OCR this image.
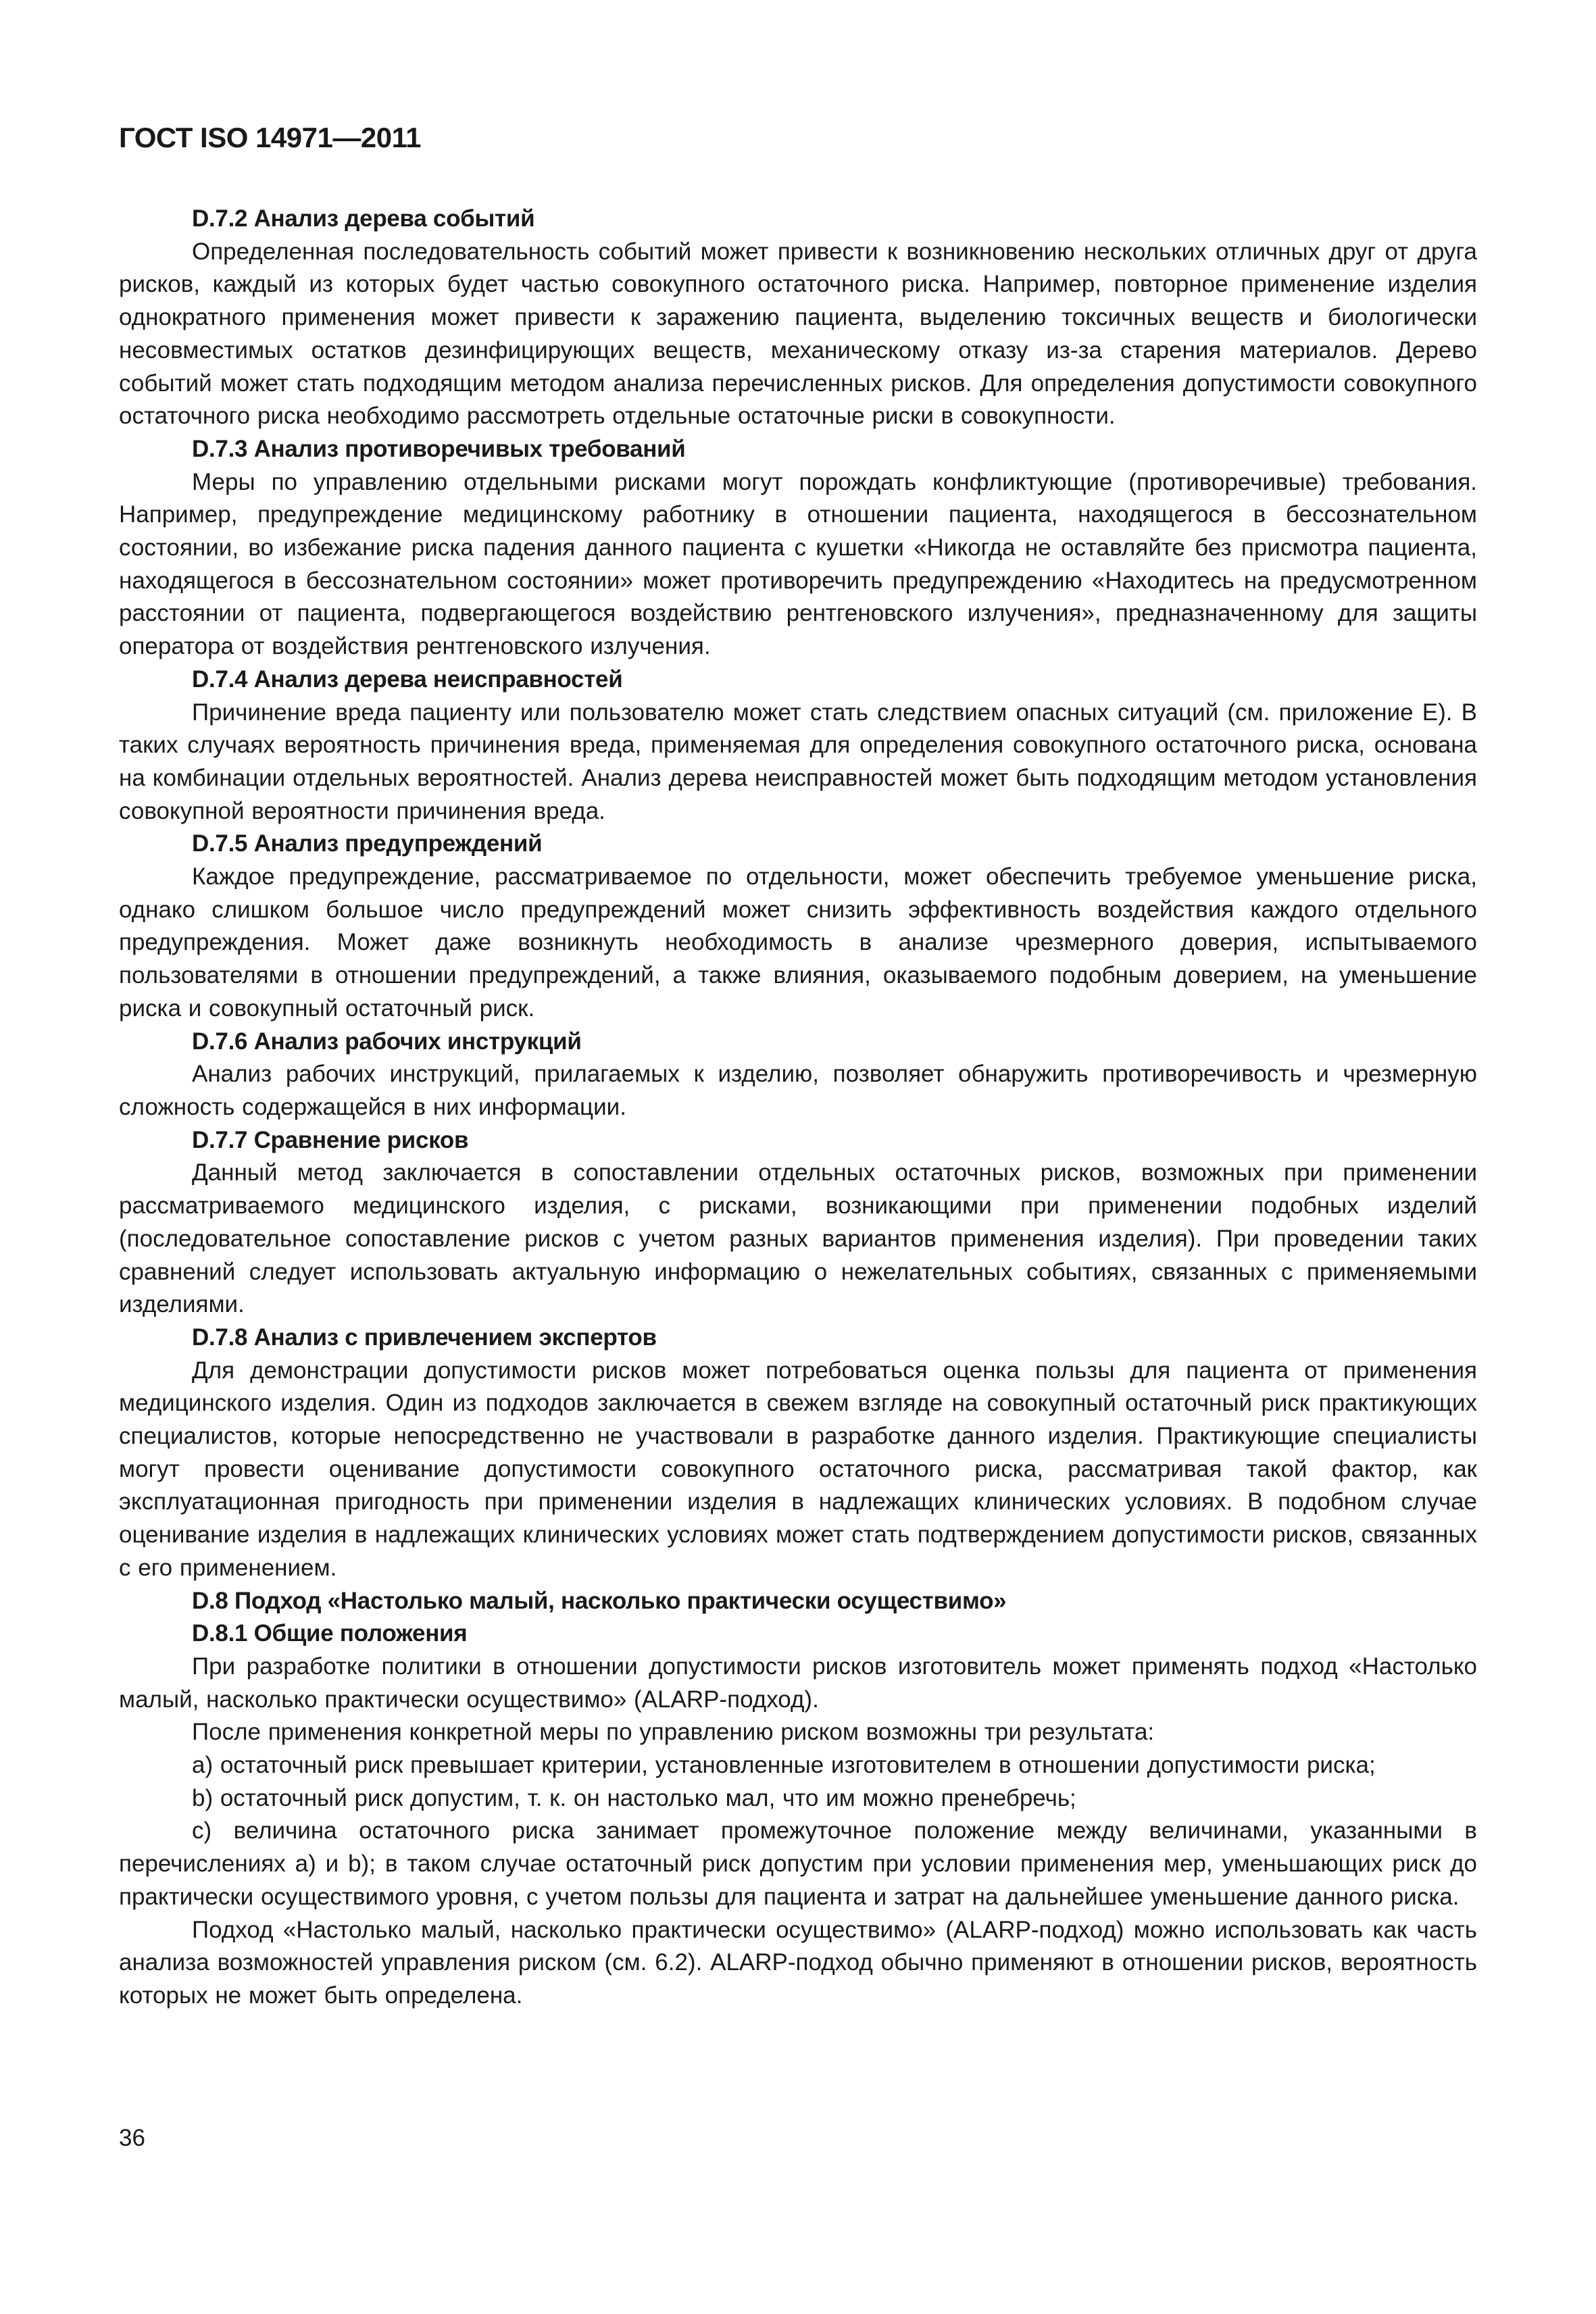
ГОСТ ISO 14971—2011

D.7.2 Анализ дерева событий

Определенная последовательность событий может привести к возникновению нескольких отличных друг от друга рисков, каждый из которых будет частью совокупного остаточного риска. Например, повторное применение изделия однократного применения может привести к заражению пациента, выделению токсичных веществ и биологически несовместимых остатков дезинфицирующих веществ, механическому отказу из-за старения материалов. Дерево событий может стать подходящим методом анализа перечисленных рисков. Для определения допустимости совокупного остаточного риска необходимо рассмотреть отдельные остаточные риски в совокупности.

D.7.3 Анализ противоречивых требований

Меры по управлению отдельными рисками могут порождать конфликтующие (противоречивые) требования. Например, предупреждение медицинскому работнику в отношении пациента, находящегося в бессознательном состоянии, во избежание риска падения данного пациента с кушетки «Никогда не оставляйте без присмотра пациента, находящегося в бессознательном состоянии» может противоречить предупреждению «Находитесь на предусмотренном расстоянии от пациента, подвергающегося воздействию рентгеновского излучения», предназначенному для защиты оператора от воздействия рентгеновского излучения.

D.7.4 Анализ дерева неисправностей

Причинение вреда пациенту или пользователю может стать следствием опасных ситуаций (см. приложение Е). В таких случаях вероятность причинения вреда, применяемая для определения совокупного остаточного риска, основана на комбинации отдельных вероятностей. Анализ дерева неисправностей может быть подходящим методом установления совокупной вероятности причинения вреда.

D.7.5 Анализ предупреждений

Каждое предупреждение, рассматриваемое по отдельности, может обеспечить требуемое уменьшение риска, однако слишком большое число предупреждений может снизить эффективность воздействия каждого отдельного предупреждения. Может даже возникнуть необходимость в анализе чрезмерного доверия, испытываемого пользователями в отношении предупреждений, а также влияния, оказываемого подобным доверием, на уменьшение риска и совокупный остаточный риск.

D.7.6 Анализ рабочих инструкций

Анализ рабочих инструкций, прилагаемых к изделию, позволяет обнаружить противоречивость и чрезмерную сложность содержащейся в них информации.

D.7.7 Сравнение рисков

Данный метод заключается в сопоставлении отдельных остаточных рисков, возможных при применении рассматриваемого медицинского изделия, с рисками, возникающими при применении подобных изделий (последовательное сопоставление рисков с учетом разных вариантов применения изделия). При проведении таких сравнений следует использовать актуальную информацию о нежелательных событиях, связанных с применяемыми изделиями.

D.7.8 Анализ с привлечением экспертов

Для демонстрации допустимости рисков может потребоваться оценка пользы для пациента от применения медицинского изделия. Один из подходов заключается в свежем взгляде на совокупный остаточный риск практикующих специалистов, которые непосредственно не участвовали в разработке данного изделия. Практикующие специалисты могут провести оценивание допустимости совокупного остаточного риска, рассматривая такой фактор, как эксплуатационная пригодность при применении изделия в надлежащих клинических условиях. В подобном случае оценивание изделия в надлежащих клинических условиях может стать подтверждением допустимости рисков, связанных с его применением.

D.8 Подход «Настолько малый, насколько практически осуществимо»

D.8.1 Общие положения

При разработке политики в отношении допустимости рисков изготовитель может применять подход «Настолько малый, насколько практически осуществимо» (ALARP-подход).

После применения конкретной меры по управлению риском возможны три результата:

a) остаточный риск превышает критерии, установленные изготовителем в отношении допустимости риска;

b) остаточный риск допустим, т. к. он настолько мал, что им можно пренебречь;

c) величина остаточного риска занимает промежуточное положение между величинами, указанными в перечислениях a) и b); в таком случае остаточный риск допустим при условии применения мер, уменьшающих риск до практически осуществимого уровня, с учетом пользы для пациента и затрат на дальнейшее уменьшение данного риска.

Подход «Настолько малый, насколько практически осуществимо» (ALARP-подход) можно использовать как часть анализа возможностей управления риском (см. 6.2). ALARP-подход обычно применяют в отношении рисков, вероятность которых не может быть определена.

36
